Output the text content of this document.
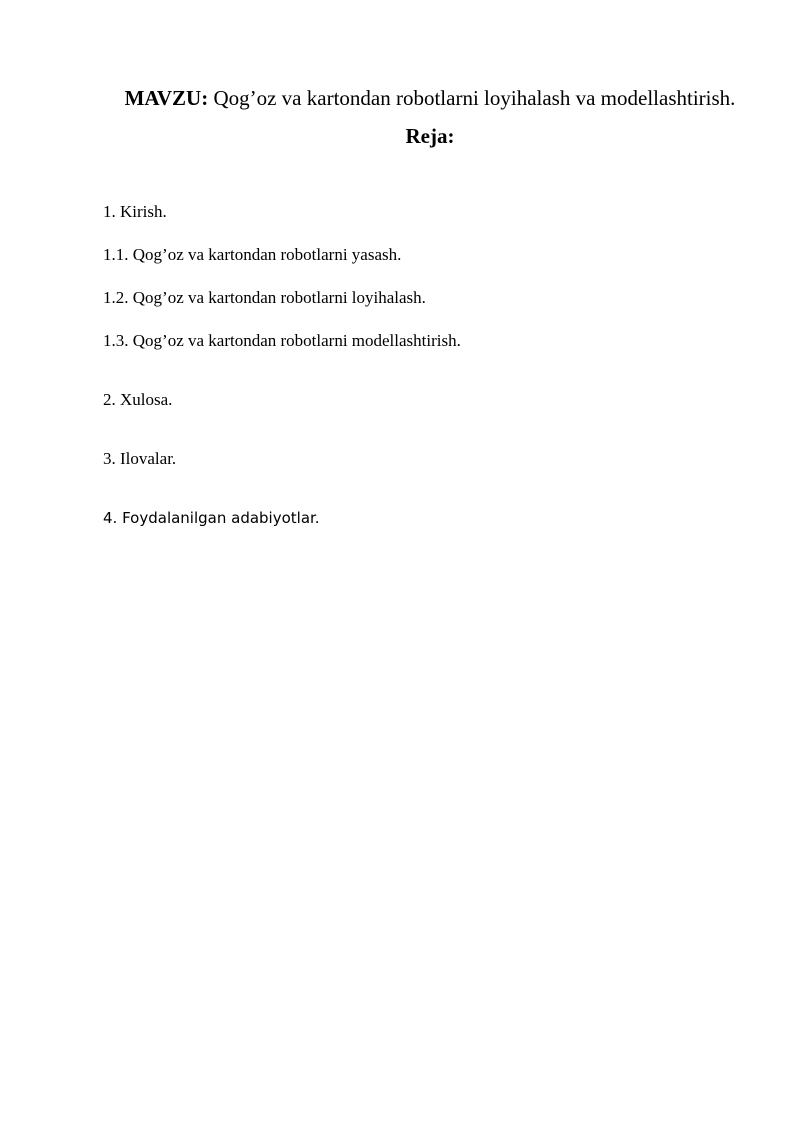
MAVZU: Qog’oz va kartondan robotlarni loyihalash va modellashtirish.
Reja:
1. Kirish.
1.1. Qog’oz va kartondan robotlarni yasash.
1.2. Qog’oz va kartondan robotlarni loyihalash.
1.3. Qog’oz va kartondan robotlarni modellashtirish.
2. Xulosa.
3. Ilovalar.
4. Foydalanilgan adabiyotlar.
